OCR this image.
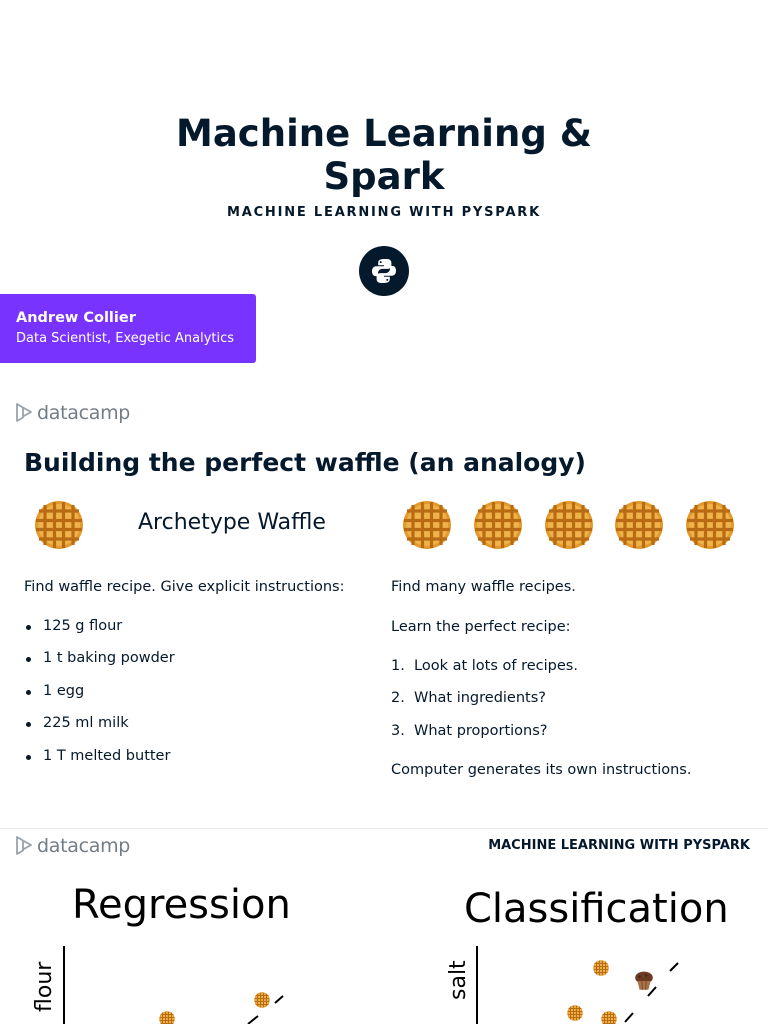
Machine Learning &
Spark
MACHINE LEARNING WITH PYSPARK
Andrew Collier
Data Scientist, Exegetic Analytics
datacamp
Building the perfect waffle (an analogy)
Archetype Waffle
Find waffle recipe. Give explicit instructions:
125 g flour
1 t baking powder
1 egg
225 ml milk
1 T melted butter
Find many waffle recipes.
Learn the perfect recipe:
1. Look at lots of recipes.
2. What ingredients?
3. What proportions?
Computer generates its own instructions.
datacamp	MACHINE LEARNING WITH PYSPARK
Regression	Classification
flour	salt
